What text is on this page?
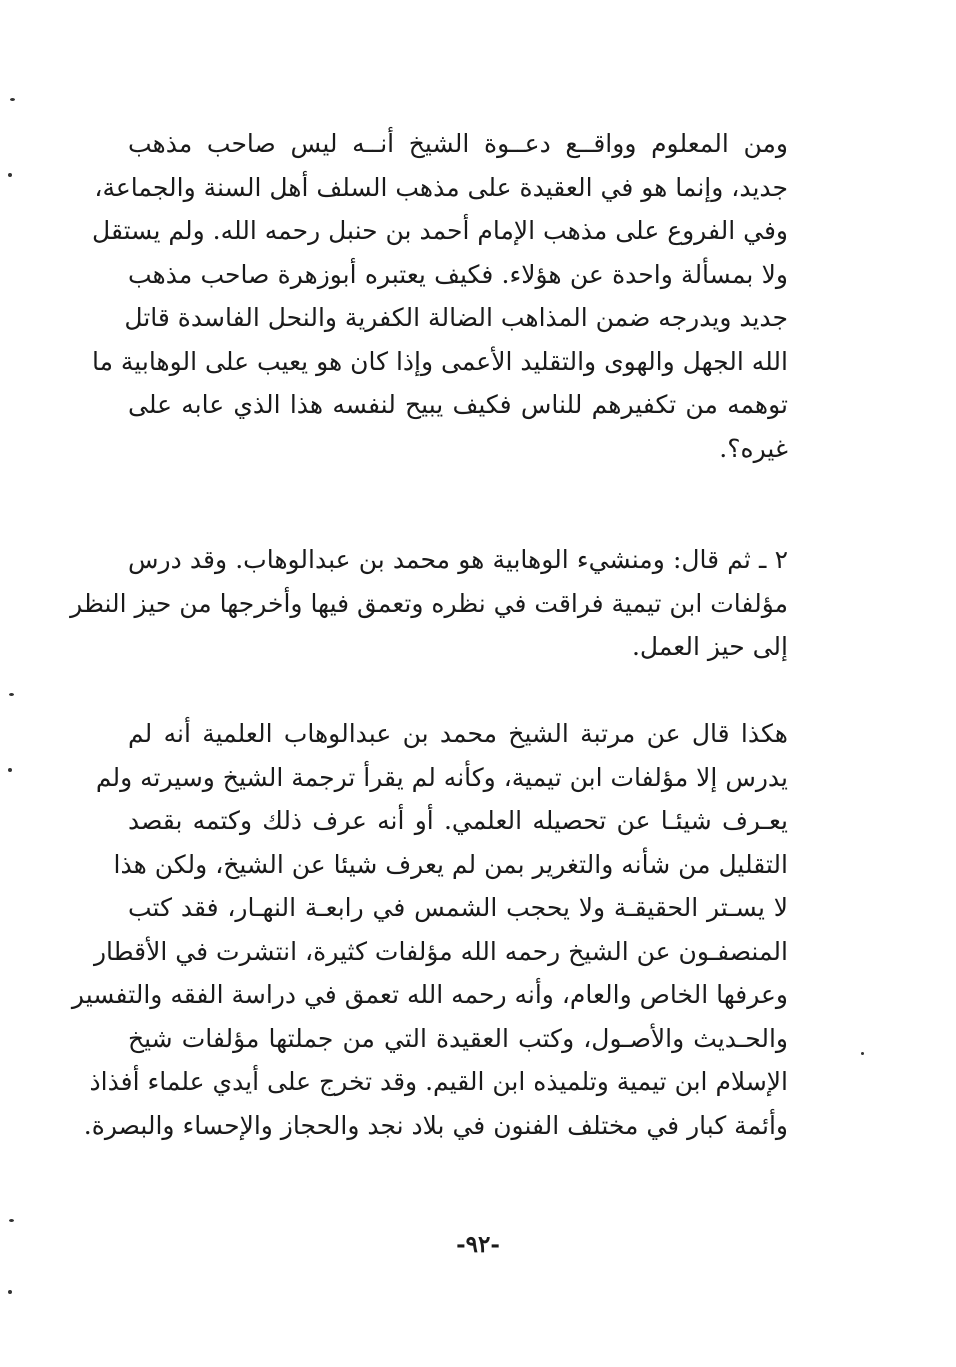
ومن المعلوم وواقــع دعــوة الشيخ أنــه ليس صاحب مذهب
جديد، وإنما هو في العقيدة على مذهب السلف أهل السنة والجماعة،
وفي الفروع على مذهب الإمام أحمد بن حنبل رحمه الله. ولم يستقل
ولا بمسألة واحدة عن هؤلاء. فكيف يعتبره أبوزهرة صاحب مذهب
جديد ويدرجه ضمن المذاهب الضالة الكفرية والنحل الفاسدة قاتل
الله الجهل والهوى والتقليد الأعمى وإذا كان هو يعيب على الوهابية ما
توهمه من تكفيرهم للناس فكيف يبيح لنفسه هذا الذي عابه على
غيره؟.
٢ ـ ثم قال: ومنشيء الوهابية هو محمد بن عبدالوهاب. وقد درس
مؤلفات ابن تيمية فراقت في نظره وتعمق فيها وأخرجها من حيز النظر
إلى حيز العمل.
هكذا قال عن مرتبة الشيخ محمد بن عبدالوهاب العلمية أنه لم
يدرس إلا مؤلفات ابن تيمية، وكأنه لم يقرأ ترجمة الشيخ وسيرته ولم
يعـرف شيئـا عن تحصيله العلمي. أو أنه عرف ذلك وكتمه بقصد
التقليل من شأنه والتغرير بمن لم يعرف شيئا عن الشيخ، ولكن هذا
لا يسـتر الحقيقـة ولا يحجب الشمس في رابعـة النهـار، فقد كتب
المنصفـون عن الشيخ رحمه الله مؤلفات كثيرة، انتشرت في الأقطار
وعرفها الخاص والعام، وأنه رحمه الله تعمق في دراسة الفقه والتفسير
والحـديث والأصـول، وكتب العقيدة التي من جملتها مؤلفات شيخ
الإسلام ابن تيمية وتلميذه ابن القيم. وقد تخرج على أيدي علماء أفذاذ
وأئمة كبار في مختلف الفنون في بلاد نجد والحجاز والإحساء والبصرة.
-٩٢-
